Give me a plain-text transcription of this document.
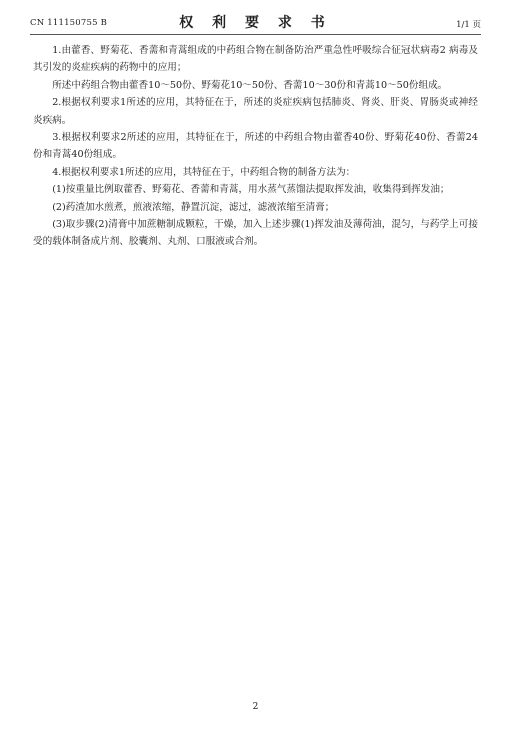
CN 111150755 B	权 利 要 求 书	1/1 页

1.由藿香、野菊花、香薷和青蒿组成的中药组合物在制备防治严重急性呼吸综合征冠状病毒2 病毒及其引发的炎症疾病的药物中的应用；

所述中药组合物由藿香10～50份、野菊花10～50份、香薷10～30份和青蒿10～50份组成。

2.根据权利要求1所述的应用，其特征在于，所述的炎症疾病包括肺炎、肾炎、肝炎、胃肠炎或神经炎疾病。

3.根据权利要求2所述的应用，其特征在于，所述的中药组合物由藿香40份、野菊花40份、香薷24份和青蒿40份组成。

4.根据权利要求1所述的应用，其特征在于，中药组合物的制备方法为：

(1)按重量比例取藿香、野菊花、香薷和青蒿，用水蒸气蒸馏法提取挥发油，收集得到挥发油；

(2)药渣加水煎煮，煎液浓缩，静置沉淀，滤过，滤液浓缩至清膏；

(3)取步骤(2)清膏中加蔗糖制成颗粒，干燥，加入上述步骤(1)挥发油及薄荷油，混匀，与药学上可接受的载体制备成片剂、胶囊剂、丸剂、口服液或合剂。

2
